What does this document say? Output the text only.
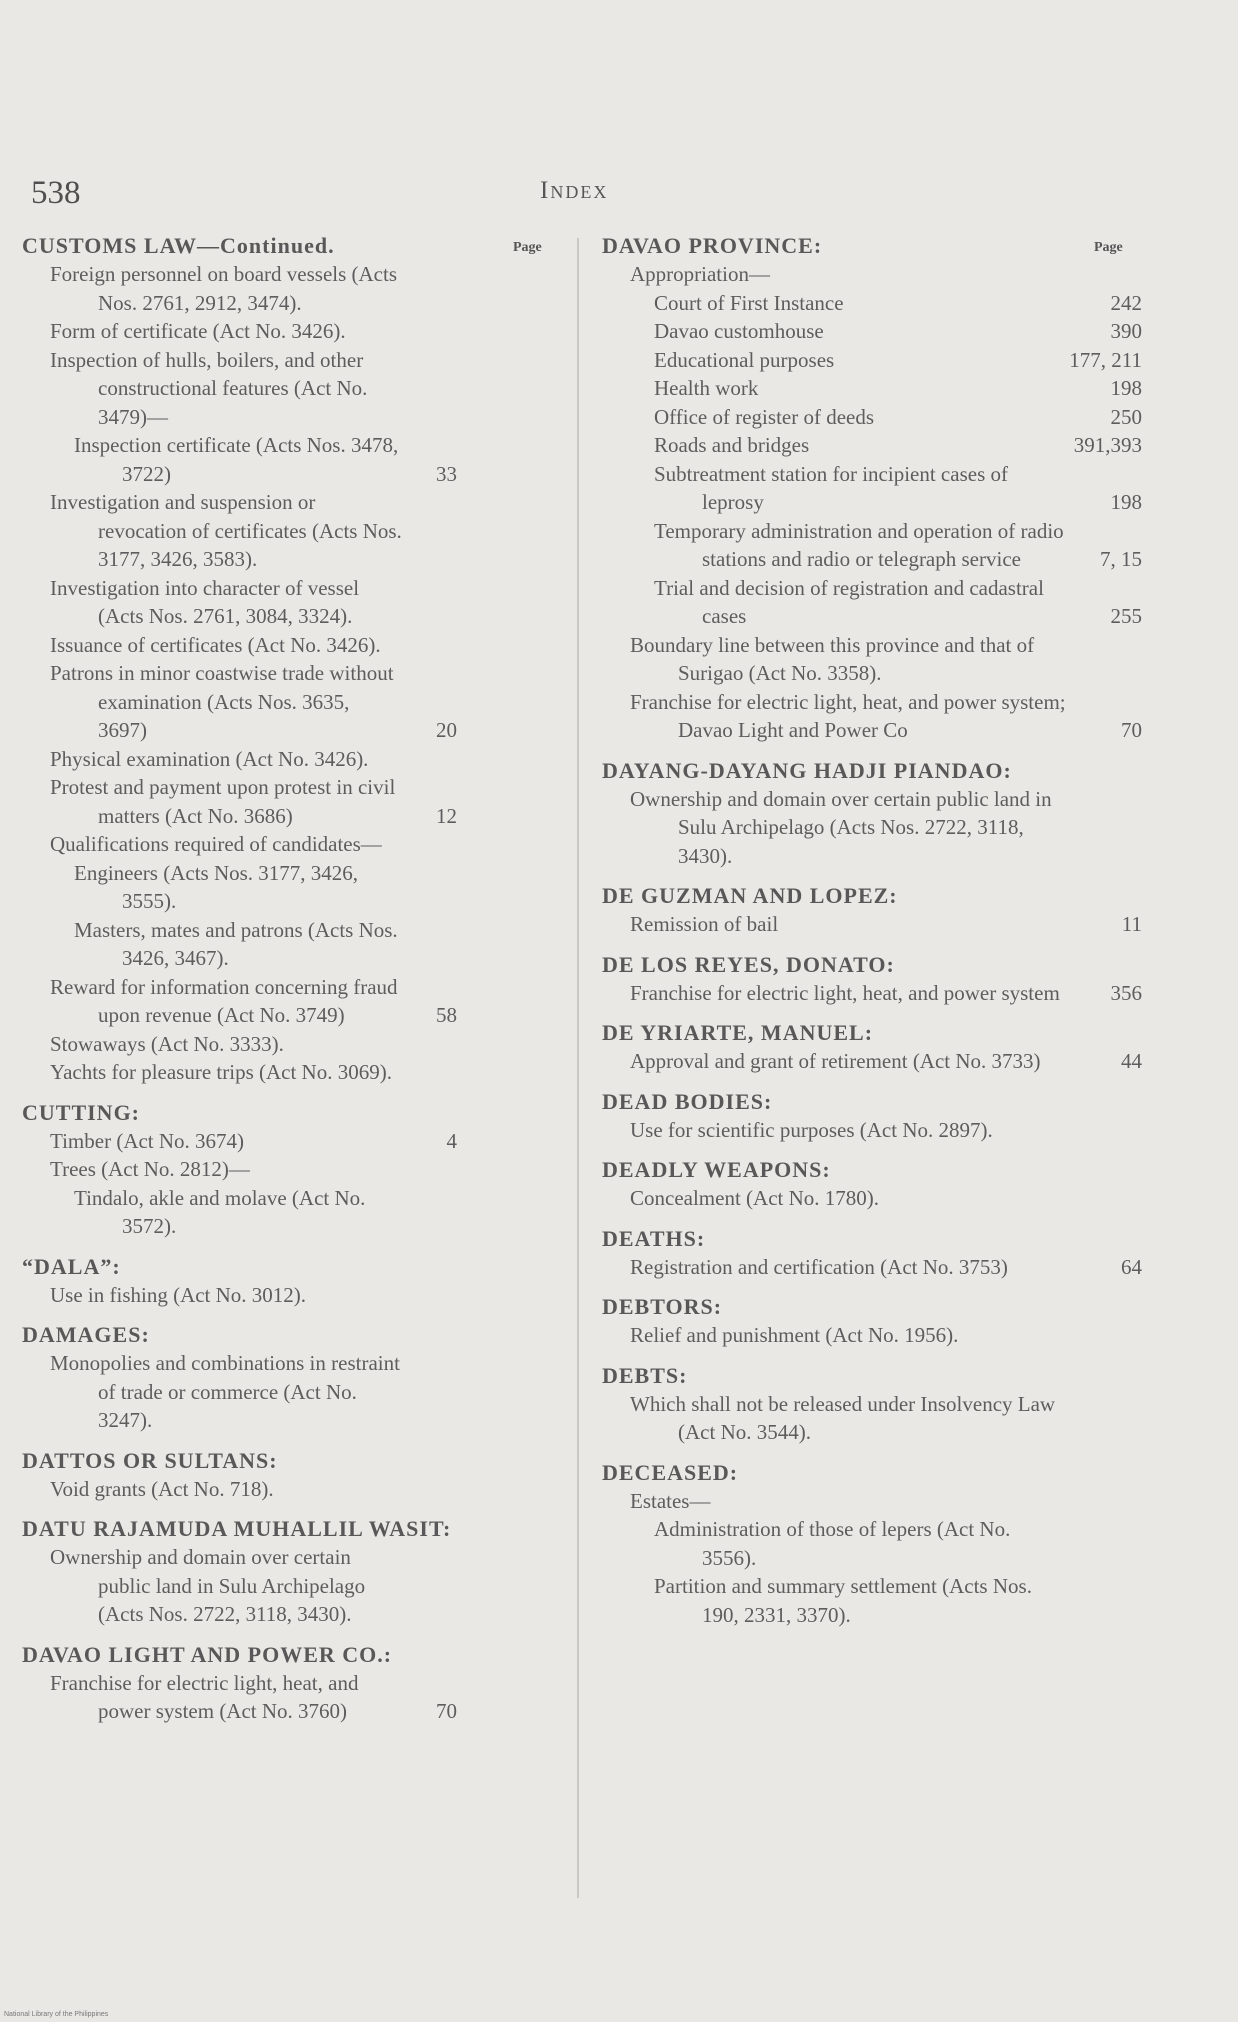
538	Index
Page	Page
CUSTOMS LAW—Continued.
Foreign personnel on board vessels (Acts Nos. 2761, 2912, 3474).
Form of certificate (Act No. 3426).
Inspection of hulls, boilers, and other constructional features (Act No. 3479)—
Inspection certificate (Acts Nos. 3478, 3722)	33
Investigation and suspension or revocation of certificates (Acts Nos. 3177, 3426, 3583).
Investigation into character of vessel (Acts Nos. 2761, 3084, 3324).
Issuance of certificates (Act No. 3426).
Patrons in minor coastwise trade without examination (Acts Nos. 3635, 3697)	20
Physical examination (Act No. 3426).
Protest and payment upon protest in civil matters (Act No. 3686)	12
Qualifications required of candidates—
Engineers (Acts Nos. 3177, 3426, 3555).
Masters, mates and patrons (Acts Nos. 3426, 3467).
Reward for information concerning fraud upon revenue (Act No. 3749)	58
Stowaways (Act No. 3333).
Yachts for pleasure trips (Act No. 3069).
CUTTING:
Timber (Act No. 3674)	4
Trees (Act No. 2812)—
Tindalo, akle and molave (Act No. 3572).
“DALA”:
Use in fishing (Act No. 3012).
DAMAGES:
Monopolies and combinations in restraint of trade or commerce (Act No. 3247).
DATTOS OR SULTANS:
Void grants (Act No. 718).
DATU RAJAMUDA MUHALLIL WASIT:
Ownership and domain over certain public land in Sulu Archipelago (Acts Nos. 2722, 3118, 3430).
DAVAO LIGHT AND POWER CO.:
Franchise for electric light, heat, and power system (Act No. 3760)	70
DAVAO PROVINCE:
Appropriation—
Court of First Instance	242
Davao customhouse	390
Educational purposes	177, 211
Health work	198
Office of register of deeds	250
Roads and bridges	391,393
Subtreatment station for incipient cases of leprosy	198
Temporary administration and operation of radio stations and radio or telegraph service	7, 15
Trial and decision of registration and cadastral cases	255
Boundary line between this province and that of Surigao (Act No. 3358).
Franchise for electric light, heat, and power system; Davao Light and Power Co	70
DAYANG-DAYANG HADJI PIANDAO:
Ownership and domain over certain public land in Sulu Archipelago (Acts Nos. 2722, 3118, 3430).
DE GUZMAN AND LOPEZ:
Remission of bail	11
DE LOS REYES, DONATO:
Franchise for electric light, heat, and power system	356
DE YRIARTE, MANUEL:
Approval and grant of retirement (Act No. 3733)	44
DEAD BODIES:
Use for scientific purposes (Act No. 2897).
DEADLY WEAPONS:
Concealment (Act No. 1780).
DEATHS:
Registration and certification (Act No. 3753)	64
DEBTORS:
Relief and punishment (Act No. 1956).
DEBTS:
Which shall not be released under Insolvency Law (Act No. 3544).
DECEASED:
Estates—
Administration of those of lepers (Act No. 3556).
Partition and summary settlement (Acts Nos. 190, 2331, 3370).
National Library of the Philippines
